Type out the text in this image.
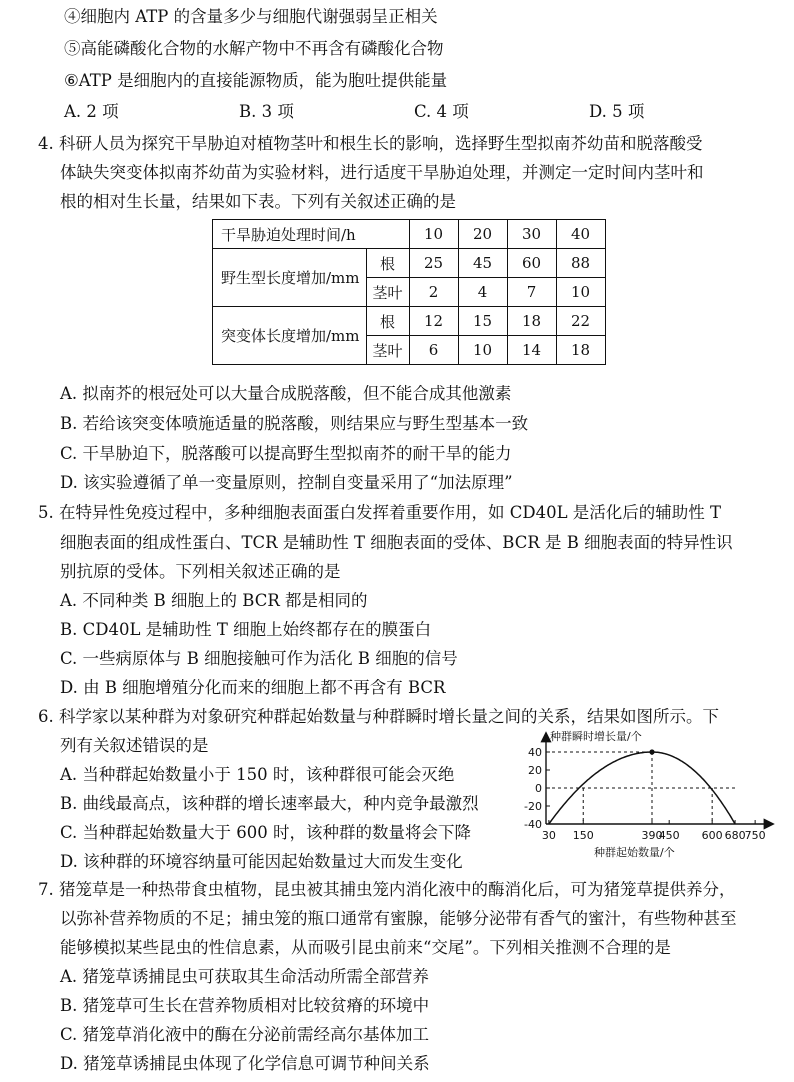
④细胞内 ATP 的含量多少与细胞代谢强弱呈正相关
⑤高能磷酸化合物的水解产物中不再含有磷酸化合物
⑥ATP 是细胞内的直接能源物质，能为胞吐提供能量
A. 2 项	B. 3 项	C. 4 项	D. 5 项
4. 科研人员为探究干旱胁迫对植物茎叶和根生长的影响，选择野生型拟南芥幼苗和脱落酸受
体缺失突变体拟南芥幼苗为实验材料，进行适度干旱胁迫处理，并测定一定时间内茎叶和
根的相对生长量，结果如下表。下列有关叙述正确的是
干旱胁迫处理时间/h		10	20	30	40
野生型长度增加/mm	根	25	45	60	88
	茎叶	2	4	7	10
突变体长度增加/mm	根	12	15	18	22
	茎叶	6	10	14	18
A. 拟南芥的根冠处可以大量合成脱落酸，但不能合成其他激素
B. 若给该突变体喷施适量的脱落酸，则结果应与野生型基本一致
C. 干旱胁迫下，脱落酸可以提高野生型拟南芥的耐干旱的能力
D. 该实验遵循了单一变量原则，控制自变量采用了“加法原理”
5. 在特异性免疫过程中，多种细胞表面蛋白发挥着重要作用，如 CD40L 是活化后的辅助性 T
细胞表面的组成性蛋白、TCR 是辅助性 T 细胞表面的受体、BCR 是 B 细胞表面的特异性识
别抗原的受体。下列相关叙述正确的是
A. 不同种类 B 细胞上的 BCR 都是相同的
B. CD40L 是辅助性 T 细胞上始终都存在的膜蛋白
C. 一些病原体与 B 细胞接触可作为活化 B 细胞的信号
D. 由 B 细胞增殖分化而来的细胞上都不再含有 BCR
6. 科学家以某种群为对象研究种群起始数量与种群瞬时增长量之间的关系，结果如图所示。下
列有关叙述错误的是
A. 当种群起始数量小于 150 时，该种群很可能会灭绝
B. 曲线最高点，该种群的增长速率最大，种内竞争最激烈
C. 当种群起始数量大于 600 时，该种群的数量将会下降
D. 该种群的环境容纳量可能因起始数量过大而发生变化
40
20
0
-20
-40
30 150	390
450 600 680 750
种群瞬时增长量/个
种群起始数量/个
7. 猪笼草是一种热带食虫植物，昆虫被其捕虫笼内消化液中的酶消化后，可为猪笼草提供养分，
以弥补营养物质的不足；捕虫笼的瓶口通常有蜜腺，能够分泌带有香气的蜜汁，有些物种甚至
能够模拟某些昆虫的性信息素，从而吸引昆虫前来“交尾”。下列相关推测不合理的是
A. 猪笼草诱捕昆虫可获取其生命活动所需全部营养
B. 猪笼草可生长在营养物质相对比较贫瘠的环境中
C. 猪笼草消化液中的酶在分泌前需经高尔基体加工
D. 猪笼草诱捕昆虫体现了化学信息可调节种间关系
